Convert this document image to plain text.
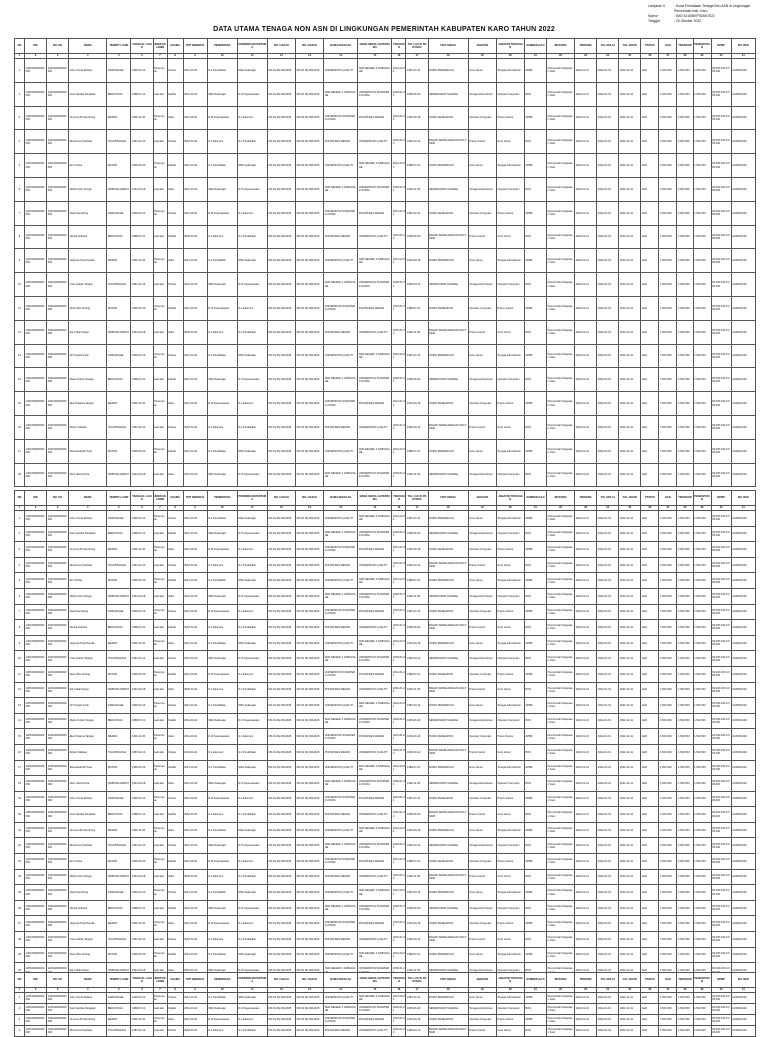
Lampiran II	: Surat Pendataan Tenaga Non ASN di Lingkungan
Pemerintah Kab. Karo
Nomor	: 800/ 3418/BKPSDM/2022
Tanggal	: 25 Oktober 2022
DATA UTAMA TENAGA NON ASN DI LINGKUNGAN PEMERINTAH KABUPATEN KARO TAHUN 2022
NO	NIK	NO. KK	NAMA	TEMPAT LAHIR	TANGGAL LAHIR	JENIS KELAMIN	AGAMA	TMT BEKERJA	PENDIDIKAN	PENDIDIKAN PERTAMA	NO. IJAZAH	NO. IJAZAH	NAMA SEKOLAH	NAMA SEKOLAH PERTAMA	TERAKHIR	TGL LULUS PERTAMA	UNIT KERJA	JABATAN	JABATAN TERAKHIR	SUMBER GAJI	INSTANSI	PERIODE	TGL MULAI	TGL AKHIR	STATUS	GAJI	TERAKHIR	PENDAPATAN	NPWP	NO. REK
1	2	3	4	5	6	7	8	9	10	11	12	13	14	15	16	17	18	19	20	21	22	23	24	25	26	27	28	29	30	31
1	1206100000000000	1206100000000000	Ivitry Asmia Muliani	KABANJAHE	1990-03-12	Perempuan	Kristen	2014-01-01	S-1 Pendidikan	SMA Sederajat	DN-02 Mp 0012345	DN-02 Mp 0012345	UNIVERSITAS QUALITY	SMA NEGERI 1 KABANJAHE	2012-03-01	1987-02-14	DINAS PENDIDIKAN	Guru Honor	Tenaga Administrasi	APBD	Pemerintah Kabupaten Karo	2022-01-01	2022-01-01	2022-12-31	Aktif	1.500.000	1.500.000	1.500.000	00.000.000.0-000.000	1230001234
2	1206100000000000	1206100000000000	Karo Sartika Panjaitan	BERASTAGI	1988-07-21	Laki-laki	Katolik	2016-01-02	SMA Sederajat	D-III Keperawatan	DN-02 Mp 0012345	DN-02 Mp 0012345	SMA NEGERI 1 KABANJAHE	UNIVERSITAS SUMATERA UTARA	2018-01-01	1995-06-30	SEKRETARIAT DAERAH	Tenaga Administrasi	Operator Komputer	BOS	Pemerintah Kabupaten Karo	2022-01-01	2022-01-01	2022-12-31	Aktif	1.500.000	1.500.000	1.500.000	00.000.000.0-000.000	1230001234
3	1206100000000000	1206100000000000	Serumin Br Sembiring	MEDAN	1992-11-05	Perempuan	Islam	2012-03-01	D-III Keperawatan	S-1 Ekonomi	DN-02 Mp 0012345	DN-02 Mp 0012345	UNIVERSITAS SUMATERA UTARA	POLTEKKES MEDAN	2014-01-01	1991-09-18	DINAS KESEHATAN	Operator Komputer	Pramu Kantor	APBD	Pemerintah Kabupaten Karo	2022-01-01	2022-01-01	2022-12-31	Aktif	1.500.000	1.500.000	1.500.000	00.000.000.0-000.000	1230001234
4	1206100000000000	1206100000000000	Ria Rosmi Pardede	TIGA BINANGA	1987-02-14	Laki-laki	Kristen	2018-01-01	S-1 Ekonomi	S-1 Pendidikan	DN-02 Mp 0012345	DN-02 Mp 0012345	POLTEKKES MEDAN	UNIVERSITAS QUALITY	2016-01-02	1990-03-12	BADAN KEPEGAWAIAN DAN PSDM	Pramu Kantor	Guru Honor	BOS	Pemerintah Kabupaten Karo	2022-01-01	2022-01-01	2022-12-31	Aktif	1.500.000	1.500.000	1.500.000	00.000.000.0-000.000	1230001234
5	1206100000000000	1206100000000000	Erni Purba	MUNTE	1995-06-30	Perempuan	Katolik	2014-01-01	S-1 Pendidikan	SMA Sederajat	DN-02 Mp 0012345	DN-02 Mp 0012345	UNIVERSITAS QUALITY	SMA NEGERI 1 KABANJAHE	2012-03-01	1988-07-21	DINAS PENDIDIKAN	Guru Honor	Tenaga Administrasi	APBD	Pemerintah Kabupaten Karo	2022-01-01	2022-01-01	2022-12-31	Aktif	1.500.000	1.500.000	1.500.000	00.000.000.0-000.000	1230001234
6	1206100000000000	1206100000000000	Mhd Kristin Siregar	SIMPANG EMPAT	1991-09-18	Laki-laki	Islam	2016-01-02	SMA Sederajat	D-III Keperawatan	DN-02 Mp 0012345	DN-02 Mp 0012345	SMA NEGERI 1 KABANJAHE	UNIVERSITAS SUMATERA UTARA	2018-01-01	1992-11-05	SEKRETARIAT DAERAH	Tenaga Administrasi	Operator Komputer	BOS	Pemerintah Kabupaten Karo	2022-01-01	2022-01-01	2022-12-31	Aktif	1.500.000	1.500.000	1.500.000	00.000.000.0-000.000	1230001234
7	1206100000000000	1206100000000000	Danil Sembiring	KABANJAHE	1990-03-12	Perempuan	Kristen	2012-03-01	D-III Keperawatan	S-1 Ekonomi	DN-02 Mp 0012345	DN-02 Mp 0012345	UNIVERSITAS SUMATERA UTARA	POLTEKKES MEDAN	2014-01-01	1987-02-14	DINAS KESEHATAN	Operator Komputer	Pramu Kantor	APBD	Pemerintah Kabupaten Karo	2022-01-01	2022-01-01	2022-12-31	Aktif	1.500.000	1.500.000	1.500.000	00.000.000.0-000.000	1230001234
8	1206100000000000	1206100000000000	Novita Febriani	BERASTAGI	1988-07-21	Laki-laki	Katolik	2018-01-01	S-1 Ekonomi	S-1 Pendidikan	DN-02 Mp 0012345	DN-02 Mp 0012345	POLTEKKES MEDAN	UNIVERSITAS QUALITY	2016-01-02	1995-06-30	BADAN KEPEGAWAIAN DAN PSDM	Pramu Kantor	Guru Honor	BOS	Pemerintah Kabupaten Karo	2022-01-01	2022-01-01	2022-12-31	Aktif	1.500.000	1.500.000	1.500.000	00.000.000.0-000.000	1230001234
9	1206100000000000	1206100000000000	Harjuna Putra Pandia	MEDAN	1992-11-05	Perempuan	Islam	2014-01-01	S-1 Pendidikan	SMA Sederajat	DN-02 Mp 0012345	DN-02 Mp 0012345	UNIVERSITAS QUALITY	SMA NEGERI 1 KABANJAHE	2012-03-01	1991-09-18	DINAS PENDIDIKAN	Guru Honor	Tenaga Administrasi	APBD	Pemerintah Kabupaten Karo	2022-01-01	2022-01-01	2022-12-31	Aktif	1.500.000	1.500.000	1.500.000	00.000.000.0-000.000	1230001234
10	1206100000000000	1206100000000000	Yuan Adrian Tarigan	TIGA BINANGA	1987-02-14	Laki-laki	Kristen	2016-01-02	SMA Sederajat	D-III Keperawatan	DN-02 Mp 0012345	DN-02 Mp 0012345	SMA NEGERI 1 KABANJAHE	UNIVERSITAS SUMATERA UTARA	2018-01-01	1990-03-12	SEKRETARIAT DAERAH	Tenaga Administrasi	Operator Komputer	BOS	Pemerintah Kabupaten Karo	2022-01-01	2022-01-01	2022-12-31	Aktif	1.500.000	1.500.000	1.500.000	00.000.000.0-000.000	1230001234
11	1206100000000000	1206100000000000	Rossi Bre Ginting	MUNTE	1995-06-30	Perempuan	Katolik	2012-03-01	D-III Keperawatan	S-1 Ekonomi	DN-02 Mp 0012345	DN-02 Mp 0012345	UNIVERSITAS SUMATERA UTARA	POLTEKKES MEDAN	2014-01-01	1988-07-21	DINAS KESEHATAN	Operator Komputer	Pramu Kantor	APBD	Pemerintah Kabupaten Karo	2022-01-01	2022-01-01	2022-12-31	Aktif	1.500.000	1.500.000	1.500.000	00.000.000.0-000.000	1230001234
12	1206100000000000	1206100000000000	Ika Yuliati Sitepu	SIMPANG EMPAT	1991-09-18	Laki-laki	Islam	2018-01-01	S-1 Ekonomi	S-1 Pendidikan	DN-02 Mp 0012345	DN-02 Mp 0012345	POLTEKKES MEDAN	UNIVERSITAS QUALITY	2016-01-02	1992-11-05	BADAN KEPEGAWAIAN DAN PSDM	Pramu Kantor	Guru Honor	BOS	Pemerintah Kabupaten Karo	2022-01-01	2022-01-01	2022-12-31	Aktif	1.500.000	1.500.000	1.500.000	00.000.000.0-000.000	1230001234
13	1206100000000000	1206100000000000	Sri Puspita Yanti	KABANJAHE	1990-03-12	Perempuan	Kristen	2014-01-01	S-1 Pendidikan	SMA Sederajat	DN-02 Mp 0012345	DN-02 Mp 0012345	UNIVERSITAS QUALITY	SMA NEGERI 1 KABANJAHE	2012-03-01	1987-02-14	DINAS PENDIDIKAN	Guru Honor	Tenaga Administrasi	APBD	Pemerintah Kabupaten Karo	2022-01-01	2022-01-01	2022-12-31	Aktif	1.500.000	1.500.000	1.500.000	00.000.000.0-000.000	1230001234
14	1206100000000000	1206100000000000	Marta Teriani Sinaga	BERASTAGI	1988-07-21	Laki-laki	Katolik	2016-01-02	SMA Sederajat	D-III Keperawatan	DN-02 Mp 0012345	DN-02 Mp 0012345	SMA NEGERI 1 KABANJAHE	UNIVERSITAS SUMATERA UTARA	2018-01-01	1995-06-30	SEKRETARIAT DAERAH	Tenaga Administrasi	Operator Komputer	BOS	Pemerintah Kabupaten Karo	2022-01-01	2022-01-01	2022-12-31	Aktif	1.500.000	1.500.000	1.500.000	00.000.000.0-000.000	1230001234
15	1206100000000000	1206100000000000	Eka Pratama Tarigan	MEDAN	1992-11-05	Perempuan	Islam	2012-03-01	D-III Keperawatan	S-1 Ekonomi	DN-02 Mp 0012345	DN-02 Mp 0012345	UNIVERSITAS SUMATERA UTARA	POLTEKKES MEDAN	2014-01-01	1991-09-18	DINAS KESEHATAN	Operator Komputer	Pramu Kantor	APBD	Pemerintah Kabupaten Karo	2022-01-01	2022-01-01	2022-12-31	Aktif	1.500.000	1.500.000	1.500.000	00.000.000.0-000.000	1230001234
16	1206100000000000	1206100000000000	Robert Silaban	TIGA BINANGA	1987-02-14	Laki-laki	Kristen	2018-01-01	S-1 Ekonomi	S-1 Pendidikan	DN-02 Mp 0012345	DN-02 Mp 0012345	POLTEKKES MEDAN	UNIVERSITAS QUALITY	2016-01-02	1990-03-12	BADAN KEPEGAWAIAN DAN PSDM	Pramu Kantor	Guru Honor	BOS	Pemerintah Kabupaten Karo	2022-01-01	2022-01-01	2022-12-31	Aktif	1.500.000	1.500.000	1.500.000	00.000.000.0-000.000	1230001234
17	1206100000000000	1206100000000000	Rosmawati Br Karo	MUNTE	1995-06-30	Perempuan	Katolik	2014-01-01	S-1 Pendidikan	SMA Sederajat	DN-02 Mp 0012345	DN-02 Mp 0012345	UNIVERSITAS QUALITY	SMA NEGERI 1 KABANJAHE	2012-03-01	1988-07-21	DINAS PENDIDIKAN	Guru Honor	Tenaga Administrasi	APBD	Pemerintah Kabupaten Karo	2022-01-01	2022-01-01	2022-12-31	Aktif	1.500.000	1.500.000	1.500.000	00.000.000.0-000.000	1230001234
18	1206100000000000	1206100000000000	Desi Ulina Purba	SIMPANG EMPAT	1991-09-18	Laki-laki	Islam	2016-01-02	SMA Sederajat	D-III Keperawatan	DN-02 Mp 0012345	DN-02 Mp 0012345	SMA NEGERI 1 KABANJAHE	UNIVERSITAS SUMATERA UTARA	2018-01-01	1992-11-05	SEKRETARIAT DAERAH	Tenaga Administrasi	Operator Komputer	BOS	Pemerintah Kabupaten Karo	2022-01-01	2022-01-01	2022-12-31	Aktif	1.500.000	1.500.000	1.500.000	00.000.000.0-000.000	1230001234
NO	NIK	NO. KK	NAMA	TEMPAT LAHIR	TANGGAL LAHIR	JENIS KELAMIN	AGAMA	TMT BEKERJA	PENDIDIKAN	PENDIDIKAN PERTAMA	NO. IJAZAH	NO. IJAZAH	NAMA SEKOLAH	NAMA SEKOLAH PERTAMA	TERAKHIR	TGL LULUS PERTAMA	UNIT KERJA	JABATAN	JABATAN TERAKHIR	SUMBER GAJI	INSTANSI	PERIODE	TGL MULAI	TGL AKHIR	STATUS	GAJI	TERAKHIR	PENDAPATAN	NPWP	NO. REK
1	2	3	4	5	6	7	8	9	10	11	12	13	14	15	16	17	18	19	20	21	22	23	24	25	26	27	28	29	30	31
1	1206100000000000	1206100000000000	Ivitry Asmia Muliani	KABANJAHE	1990-03-12	Perempuan	Kristen	2014-01-01	S-1 Pendidikan	SMA Sederajat	DN-02 Mp 0012345	DN-02 Mp 0012345	UNIVERSITAS QUALITY	SMA NEGERI 1 KABANJAHE	2012-03-01	1987-02-14	DINAS PENDIDIKAN	Guru Honor	Tenaga Administrasi	APBD	Pemerintah Kabupaten Karo	2022-01-01	2022-01-01	2022-12-31	Aktif	1.500.000	1.500.000	1.500.000	00.000.000.0-000.000	1230001234
2	1206100000000000	1206100000000000	Karo Sartika Panjaitan	BERASTAGI	1988-07-21	Laki-laki	Katolik	2016-01-02	SMA Sederajat	D-III Keperawatan	DN-02 Mp 0012345	DN-02 Mp 0012345	SMA NEGERI 1 KABANJAHE	UNIVERSITAS SUMATERA UTARA	2018-01-01	1995-06-30	SEKRETARIAT DAERAH	Tenaga Administrasi	Operator Komputer	BOS	Pemerintah Kabupaten Karo	2022-01-01	2022-01-01	2022-12-31	Aktif	1.500.000	1.500.000	1.500.000	00.000.000.0-000.000	1230001234
3	1206100000000000	1206100000000000	Serumin Br Sembiring	MEDAN	1992-11-05	Perempuan	Islam	2012-03-01	D-III Keperawatan	S-1 Ekonomi	DN-02 Mp 0012345	DN-02 Mp 0012345	UNIVERSITAS SUMATERA UTARA	POLTEKKES MEDAN	2014-01-01	1991-09-18	DINAS KESEHATAN	Operator Komputer	Pramu Kantor	APBD	Pemerintah Kabupaten Karo	2022-01-01	2022-01-01	2022-12-31	Aktif	1.500.000	1.500.000	1.500.000	00.000.000.0-000.000	1230001234
4	1206100000000000	1206100000000000	Ria Rosmi Pardede	TIGA BINANGA	1987-02-14	Laki-laki	Kristen	2018-01-01	S-1 Ekonomi	S-1 Pendidikan	DN-02 Mp 0012345	DN-02 Mp 0012345	POLTEKKES MEDAN	UNIVERSITAS QUALITY	2016-01-02	1990-03-12	BADAN KEPEGAWAIAN DAN PSDM	Pramu Kantor	Guru Honor	BOS	Pemerintah Kabupaten Karo	2022-01-01	2022-01-01	2022-12-31	Aktif	1.500.000	1.500.000	1.500.000	00.000.000.0-000.000	1230001234
5	1206100000000000	1206100000000000	Erni Purba	MUNTE	1995-06-30	Perempuan	Katolik	2014-01-01	S-1 Pendidikan	SMA Sederajat	DN-02 Mp 0012345	DN-02 Mp 0012345	UNIVERSITAS QUALITY	SMA NEGERI 1 KABANJAHE	2012-03-01	1988-07-21	DINAS PENDIDIKAN	Guru Honor	Tenaga Administrasi	APBD	Pemerintah Kabupaten Karo	2022-01-01	2022-01-01	2022-12-31	Aktif	1.500.000	1.500.000	1.500.000	00.000.000.0-000.000	1230001234
6	1206100000000000	1206100000000000	Mhd Kristin Siregar	SIMPANG EMPAT	1991-09-18	Laki-laki	Islam	2016-01-02	SMA Sederajat	D-III Keperawatan	DN-02 Mp 0012345	DN-02 Mp 0012345	SMA NEGERI 1 KABANJAHE	UNIVERSITAS SUMATERA UTARA	2018-01-01	1992-11-05	SEKRETARIAT DAERAH	Tenaga Administrasi	Operator Komputer	BOS	Pemerintah Kabupaten Karo	2022-01-01	2022-01-01	2022-12-31	Aktif	1.500.000	1.500.000	1.500.000	00.000.000.0-000.000	1230001234
7	1206100000000000	1206100000000000	Danil Sembiring	KABANJAHE	1990-03-12	Perempuan	Kristen	2012-03-01	D-III Keperawatan	S-1 Ekonomi	DN-02 Mp 0012345	DN-02 Mp 0012345	UNIVERSITAS SUMATERA UTARA	POLTEKKES MEDAN	2014-01-01	1987-02-14	DINAS KESEHATAN	Operator Komputer	Pramu Kantor	APBD	Pemerintah Kabupaten Karo	2022-01-01	2022-01-01	2022-12-31	Aktif	1.500.000	1.500.000	1.500.000	00.000.000.0-000.000	1230001234
8	1206100000000000	1206100000000000	Novita Febriani	BERASTAGI	1988-07-21	Laki-laki	Katolik	2018-01-01	S-1 Ekonomi	S-1 Pendidikan	DN-02 Mp 0012345	DN-02 Mp 0012345	POLTEKKES MEDAN	UNIVERSITAS QUALITY	2016-01-02	1995-06-30	BADAN KEPEGAWAIAN DAN PSDM	Pramu Kantor	Guru Honor	BOS	Pemerintah Kabupaten Karo	2022-01-01	2022-01-01	2022-12-31	Aktif	1.500.000	1.500.000	1.500.000	00.000.000.0-000.000	1230001234
9	1206100000000000	1206100000000000	Harjuna Putra Pandia	MEDAN	1992-11-05	Perempuan	Islam	2014-01-01	S-1 Pendidikan	SMA Sederajat	DN-02 Mp 0012345	DN-02 Mp 0012345	UNIVERSITAS QUALITY	SMA NEGERI 1 KABANJAHE	2012-03-01	1991-09-18	DINAS PENDIDIKAN	Guru Honor	Tenaga Administrasi	APBD	Pemerintah Kabupaten Karo	2022-01-01	2022-01-01	2022-12-31	Aktif	1.500.000	1.500.000	1.500.000	00.000.000.0-000.000	1230001234
10	1206100000000000	1206100000000000	Yuan Adrian Tarigan	TIGA BINANGA	1987-02-14	Laki-laki	Kristen	2016-01-02	SMA Sederajat	D-III Keperawatan	DN-02 Mp 0012345	DN-02 Mp 0012345	SMA NEGERI 1 KABANJAHE	UNIVERSITAS SUMATERA UTARA	2018-01-01	1990-03-12	SEKRETARIAT DAERAH	Tenaga Administrasi	Operator Komputer	BOS	Pemerintah Kabupaten Karo	2022-01-01	2022-01-01	2022-12-31	Aktif	1.500.000	1.500.000	1.500.000	00.000.000.0-000.000	1230001234
11	1206100000000000	1206100000000000	Rossi Bre Ginting	MUNTE	1995-06-30	Perempuan	Katolik	2012-03-01	D-III Keperawatan	S-1 Ekonomi	DN-02 Mp 0012345	DN-02 Mp 0012345	UNIVERSITAS SUMATERA UTARA	POLTEKKES MEDAN	2014-01-01	1988-07-21	DINAS KESEHATAN	Operator Komputer	Pramu Kantor	APBD	Pemerintah Kabupaten Karo	2022-01-01	2022-01-01	2022-12-31	Aktif	1.500.000	1.500.000	1.500.000	00.000.000.0-000.000	1230001234
12	1206100000000000	1206100000000000	Ika Yuliati Sitepu	SIMPANG EMPAT	1991-09-18	Laki-laki	Islam	2018-01-01	S-1 Ekonomi	S-1 Pendidikan	DN-02 Mp 0012345	DN-02 Mp 0012345	POLTEKKES MEDAN	UNIVERSITAS QUALITY	2016-01-02	1992-11-05	BADAN KEPEGAWAIAN DAN PSDM	Pramu Kantor	Guru Honor	BOS	Pemerintah Kabupaten Karo	2022-01-01	2022-01-01	2022-12-31	Aktif	1.500.000	1.500.000	1.500.000	00.000.000.0-000.000	1230001234
13	1206100000000000	1206100000000000	Sri Puspita Yanti	KABANJAHE	1990-03-12	Perempuan	Kristen	2014-01-01	S-1 Pendidikan	SMA Sederajat	DN-02 Mp 0012345	DN-02 Mp 0012345	UNIVERSITAS QUALITY	SMA NEGERI 1 KABANJAHE	2012-03-01	1987-02-14	DINAS PENDIDIKAN	Guru Honor	Tenaga Administrasi	APBD	Pemerintah Kabupaten Karo	2022-01-01	2022-01-01	2022-12-31	Aktif	1.500.000	1.500.000	1.500.000	00.000.000.0-000.000	1230001234
14	1206100000000000	1206100000000000	Marta Teriani Sinaga	BERASTAGI	1988-07-21	Laki-laki	Katolik	2016-01-02	SMA Sederajat	D-III Keperawatan	DN-02 Mp 0012345	DN-02 Mp 0012345	SMA NEGERI 1 KABANJAHE	UNIVERSITAS SUMATERA UTARA	2018-01-01	1995-06-30	SEKRETARIAT DAERAH	Tenaga Administrasi	Operator Komputer	BOS	Pemerintah Kabupaten Karo	2022-01-01	2022-01-01	2022-12-31	Aktif	1.500.000	1.500.000	1.500.000	00.000.000.0-000.000	1230001234
15	1206100000000000	1206100000000000	Eka Pratama Tarigan	MEDAN	1992-11-05	Perempuan	Islam	2012-03-01	D-III Keperawatan	S-1 Ekonomi	DN-02 Mp 0012345	DN-02 Mp 0012345	UNIVERSITAS SUMATERA UTARA	POLTEKKES MEDAN	2014-01-01	1991-09-18	DINAS KESEHATAN	Operator Komputer	Pramu Kantor	APBD	Pemerintah Kabupaten Karo	2022-01-01	2022-01-01	2022-12-31	Aktif	1.500.000	1.500.000	1.500.000	00.000.000.0-000.000	1230001234
16	1206100000000000	1206100000000000	Robert Silaban	TIGA BINANGA	1987-02-14	Laki-laki	Kristen	2018-01-01	S-1 Ekonomi	S-1 Pendidikan	DN-02 Mp 0012345	DN-02 Mp 0012345	POLTEKKES MEDAN	UNIVERSITAS QUALITY	2016-01-02	1990-03-12	BADAN KEPEGAWAIAN DAN PSDM	Pramu Kantor	Guru Honor	BOS	Pemerintah Kabupaten Karo	2022-01-01	2022-01-01	2022-12-31	Aktif	1.500.000	1.500.000	1.500.000	00.000.000.0-000.000	1230001234
17	1206100000000000	1206100000000000	Rosmawati Br Karo	MUNTE	1995-06-30	Perempuan	Katolik	2014-01-01	S-1 Pendidikan	SMA Sederajat	DN-02 Mp 0012345	DN-02 Mp 0012345	UNIVERSITAS QUALITY	SMA NEGERI 1 KABANJAHE	2012-03-01	1988-07-21	DINAS PENDIDIKAN	Guru Honor	Tenaga Administrasi	APBD	Pemerintah Kabupaten Karo	2022-01-01	2022-01-01	2022-12-31	Aktif	1.500.000	1.500.000	1.500.000	00.000.000.0-000.000	1230001234
18	1206100000000000	1206100000000000	Desi Ulina Purba	SIMPANG EMPAT	1991-09-18	Laki-laki	Islam	2016-01-02	SMA Sederajat	D-III Keperawatan	DN-02 Mp 0012345	DN-02 Mp 0012345	SMA NEGERI 1 KABANJAHE	UNIVERSITAS SUMATERA UTARA	2018-01-01	1992-11-05	SEKRETARIAT DAERAH	Tenaga Administrasi	Operator Komputer	BOS	Pemerintah Kabupaten Karo	2022-01-01	2022-01-01	2022-12-31	Aktif	1.500.000	1.500.000	1.500.000	00.000.000.0-000.000	1230001234
19	1206100000000000	1206100000000000	Ivitry Asmia Muliani	KABANJAHE	1990-03-12	Perempuan	Kristen	2012-03-01	D-III Keperawatan	S-1 Ekonomi	DN-02 Mp 0012345	DN-02 Mp 0012345	UNIVERSITAS SUMATERA UTARA	POLTEKKES MEDAN	2014-01-01	1987-02-14	DINAS KESEHATAN	Operator Komputer	Pramu Kantor	APBD	Pemerintah Kabupaten Karo	2022-01-01	2022-01-01	2022-12-31	Aktif	1.500.000	1.500.000	1.500.000	00.000.000.0-000.000	1230001234
20	1206100000000000	1206100000000000	Karo Sartika Panjaitan	BERASTAGI	1988-07-21	Laki-laki	Katolik	2018-01-01	S-1 Ekonomi	S-1 Pendidikan	DN-02 Mp 0012345	DN-02 Mp 0012345	POLTEKKES MEDAN	UNIVERSITAS QUALITY	2016-01-02	1995-06-30	BADAN KEPEGAWAIAN DAN PSDM	Pramu Kantor	Guru Honor	BOS	Pemerintah Kabupaten Karo	2022-01-01	2022-01-01	2022-12-31	Aktif	1.500.000	1.500.000	1.500.000	00.000.000.0-000.000	1230001234
21	1206100000000000	1206100000000000	Serumin Br Sembiring	MEDAN	1992-11-05	Perempuan	Islam	2014-01-01	S-1 Pendidikan	SMA Sederajat	DN-02 Mp 0012345	DN-02 Mp 0012345	UNIVERSITAS QUALITY	SMA NEGERI 1 KABANJAHE	2012-03-01	1991-09-18	DINAS PENDIDIKAN	Guru Honor	Tenaga Administrasi	APBD	Pemerintah Kabupaten Karo	2022-01-01	2022-01-01	2022-12-31	Aktif	1.500.000	1.500.000	1.500.000	00.000.000.0-000.000	1230001234
22	1206100000000000	1206100000000000	Ria Rosmi Pardede	TIGA BINANGA	1987-02-14	Laki-laki	Kristen	2016-01-02	SMA Sederajat	D-III Keperawatan	DN-02 Mp 0012345	DN-02 Mp 0012345	SMA NEGERI 1 KABANJAHE	UNIVERSITAS SUMATERA UTARA	2018-01-01	1990-03-12	SEKRETARIAT DAERAH	Tenaga Administrasi	Operator Komputer	BOS	Pemerintah Kabupaten Karo	2022-01-01	2022-01-01	2022-12-31	Aktif	1.500.000	1.500.000	1.500.000	00.000.000.0-000.000	1230001234
23	1206100000000000	1206100000000000	Erni Purba	MUNTE	1995-06-30	Perempuan	Katolik	2012-03-01	D-III Keperawatan	S-1 Ekonomi	DN-02 Mp 0012345	DN-02 Mp 0012345	UNIVERSITAS SUMATERA UTARA	POLTEKKES MEDAN	2014-01-01	1988-07-21	DINAS KESEHATAN	Operator Komputer	Pramu Kantor	APBD	Pemerintah Kabupaten Karo	2022-01-01	2022-01-01	2022-12-31	Aktif	1.500.000	1.500.000	1.500.000	00.000.000.0-000.000	1230001234
24	1206100000000000	1206100000000000	Mhd Kristin Siregar	SIMPANG EMPAT	1991-09-18	Laki-laki	Islam	2018-01-01	S-1 Ekonomi	S-1 Pendidikan	DN-02 Mp 0012345	DN-02 Mp 0012345	POLTEKKES MEDAN	UNIVERSITAS QUALITY	2016-01-02	1992-11-05	BADAN KEPEGAWAIAN DAN PSDM	Pramu Kantor	Guru Honor	BOS	Pemerintah Kabupaten Karo	2022-01-01	2022-01-01	2022-12-31	Aktif	1.500.000	1.500.000	1.500.000	00.000.000.0-000.000	1230001234
25	1206100000000000	1206100000000000	Danil Sembiring	KABANJAHE	1990-03-12	Perempuan	Kristen	2014-01-01	S-1 Pendidikan	SMA Sederajat	DN-02 Mp 0012345	DN-02 Mp 0012345	UNIVERSITAS QUALITY	SMA NEGERI 1 KABANJAHE	2012-03-01	1987-02-14	DINAS PENDIDIKAN	Guru Honor	Tenaga Administrasi	APBD	Pemerintah Kabupaten Karo	2022-01-01	2022-01-01	2022-12-31	Aktif	1.500.000	1.500.000	1.500.000	00.000.000.0-000.000	1230001234
26	1206100000000000	1206100000000000	Novita Febriani	BERASTAGI	1988-07-21	Laki-laki	Katolik	2016-01-02	SMA Sederajat	D-III Keperawatan	DN-02 Mp 0012345	DN-02 Mp 0012345	SMA NEGERI 1 KABANJAHE	UNIVERSITAS SUMATERA UTARA	2018-01-01	1995-06-30	SEKRETARIAT DAERAH	Tenaga Administrasi	Operator Komputer	BOS	Pemerintah Kabupaten Karo	2022-01-01	2022-01-01	2022-12-31	Aktif	1.500.000	1.500.000	1.500.000	00.000.000.0-000.000	1230001234
27	1206100000000000	1206100000000000	Harjuna Putra Pandia	MEDAN	1992-11-05	Perempuan	Islam	2012-03-01	D-III Keperawatan	S-1 Ekonomi	DN-02 Mp 0012345	DN-02 Mp 0012345	UNIVERSITAS SUMATERA UTARA	POLTEKKES MEDAN	2014-01-01	1991-09-18	DINAS KESEHATAN	Operator Komputer	Pramu Kantor	APBD	Pemerintah Kabupaten Karo	2022-01-01	2022-01-01	2022-12-31	Aktif	1.500.000	1.500.000	1.500.000	00.000.000.0-000.000	1230001234
28	1206100000000000	1206100000000000	Yuan Adrian Tarigan	TIGA BINANGA	1987-02-14	Laki-laki	Kristen	2018-01-01	S-1 Ekonomi	S-1 Pendidikan	DN-02 Mp 0012345	DN-02 Mp 0012345	POLTEKKES MEDAN	UNIVERSITAS QUALITY	2016-01-02	1990-03-12	BADAN KEPEGAWAIAN DAN PSDM	Pramu Kantor	Guru Honor	BOS	Pemerintah Kabupaten Karo	2022-01-01	2022-01-01	2022-12-31	Aktif	1.500.000	1.500.000	1.500.000	00.000.000.0-000.000	1230001234
29	1206100000000000	1206100000000000	Rossi Bre Ginting	MUNTE	1995-06-30	Perempuan	Katolik	2014-01-01	S-1 Pendidikan	SMA Sederajat	DN-02 Mp 0012345	DN-02 Mp 0012345	UNIVERSITAS QUALITY	SMA NEGERI 1 KABANJAHE	2012-03-01	1988-07-21	DINAS PENDIDIKAN	Guru Honor	Tenaga Administrasi	APBD	Pemerintah Kabupaten Karo	2022-01-01	2022-01-01	2022-12-31	Aktif	1.500.000	1.500.000	1.500.000	00.000.000.0-000.000	1230001234
30	1206100000000	1206100000000	Ika Yuliati Sitepu	SIMPANG EMPAT	1991-09-18	Laki-laki	Islam	2016-01-02	SMA Sederajat	D-III Keperawatan	DN-02 Mp 0012345	DN-02 Mp 0012345	SMA NEGERI 1 KABANJA	UNIVERSITAS SUMATER	2018-01-0	1992-11-05	SEKRETARIAT DAERAH	Tenaga Administrasi	Operator Komputer	BOS	Pemerintah Kabupate	2022-01-01	2022-01-01	2022-12-31	Aktif	1.500.000	1.500.000	1.500.000	00.000.000.0-0	1230001234
NO	NIK	NO. KK	NAMA	TEMPAT LAHIR	TANGGAL LAHIR	JENIS KELAMIN	AGAMA	TMT BEKERJA	PENDIDIKAN	PENDIDIKAN PERTAMA	NO. IJAZAH	NO. IJAZAH	NAMA SEKOLAH	NAMA SEKOLAH PERTAMA	TERAKHIR	TGL LULUS PERTAMA	UNIT KERJA	JABATAN	JABATAN TERAKHIR	SUMBER GAJI	INSTANSI	PERIODE	TGL MULAI	TGL AKHIR	STATUS	GAJI	TERAKHIR	PENDAPATAN	NPWP	NO. REK
1	2	3	4	5	6	7	8	9	10	11	12	13	14	15	16	17	18	19	20	21	22	23	24	25	26	27	28	29	30	31
1	1206100000000000	1206100000000000	Ivitry Asmia Muliani	KABANJAHE	1990-03-12	Perempuan	Kristen	2014-01-01	S-1 Pendidikan	SMA Sederajat	DN-02 Mp 0012345	DN-02 Mp 0012345	UNIVERSITAS QUALITY	SMA NEGERI 1 KABANJAHE	2012-03-01	1987-02-14	DINAS PENDIDIKAN	Guru Honor	Tenaga Administrasi	APBD	Pemerintah Kabupaten Karo	2022-01-01	2022-01-01	2022-12-31	Aktif	1.500.000	1.500.000	1.500.000	00.000.000.0-000.000	1230001234
2	1206100000000000	1206100000000000	Karo Sartika Panjaitan	BERASTAGI	1988-07-21	Laki-laki	Katolik	2016-01-02	SMA Sederajat	D-III Keperawatan	DN-02 Mp 0012345	DN-02 Mp 0012345	SMA NEGERI 1 KABANJAHE	UNIVERSITAS SUMATERA UTARA	2018-01-01	1995-06-30	SEKRETARIAT DAERAH	Tenaga Administrasi	Operator Komputer	BOS	Pemerintah Kabupaten Karo	2022-01-01	2022-01-01	2022-12-31	Aktif	1.500.000	1.500.000	1.500.000	00.000.000.0-000.000	1230001234
3	1206100000000000	1206100000000000	Serumin Br Sembiring	MEDAN	1992-11-05	Perempuan	Islam	2012-03-01	D-III Keperawatan	S-1 Ekonomi	DN-02 Mp 0012345	DN-02 Mp 0012345	UNIVERSITAS SUMATERA UTARA	POLTEKKES MEDAN	2014-01-01	1991-09-18	DINAS KESEHATAN	Operator Komputer	Pramu Kantor	APBD	Pemerintah Kabupaten Karo	2022-01-01	2022-01-01	2022-12-31	Aktif	1.500.000	1.500.000	1.500.000	00.000.000.0-000.000	1230001234
4	1206100000000000	1206100000000000	Ria Rosmi Pardede	TIGA BINANGA	1987-02-14	Laki-laki	Kristen	2018-01-01	S-1 Ekonomi	S-1 Pendidikan	DN-02 Mp 0012345	DN-02 Mp 0012345	POLTEKKES MEDAN	UNIVERSITAS QUALITY	2016-01-02	1990-03-12	BADAN KEPEGAWAIAN DAN PSDM	Pramu Kantor	Guru Honor	BOS	Pemerintah Kabupaten Karo	2022-01-01	2022-01-01	2022-12-31	Aktif	1.500.000	1.500.000	1.500.000	00.000.000.0-000.000	1230001234
